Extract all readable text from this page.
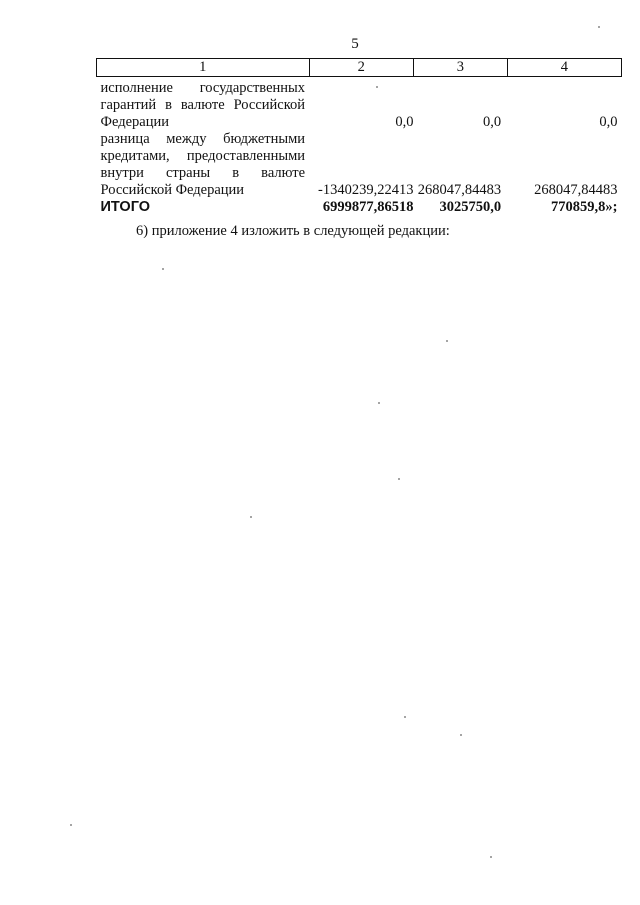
5
1	2	3	4
исполнение государственных гарантий в валюте Российской Федерации	0,0	0,0	0,0
разница между бюджетными кредитами, предоставленными внутри страны в валюте Российской Федерации	-1340239,22413	268047,84483	268047,84483
ИТОГО	6999877,86518	3025750,0	770859,8»;
6) приложение 4 изложить в следующей редакции:
